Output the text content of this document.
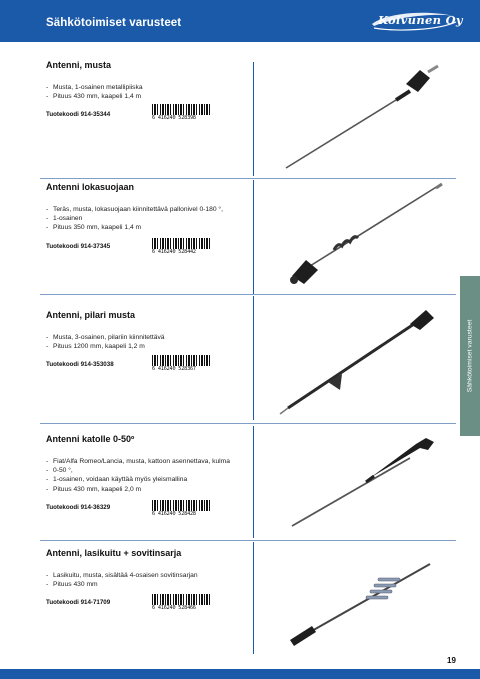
Sähkötoimiset varusteet	Koivunen Oy
Antenni, musta
- Musta, 1-osainen metallipiiska
- Pituus 430 mm, kaapeli 1,4 m
Tuotekoodi 914-35344	6 416240 528398
Antenni lokasuojaan
- Teräs, musta, lokasuojaan kiinnitettävä pallonivel 0-180 °,
- 1-osainen
- Pituus 350 mm, kaapeli 1,4 m
Tuotekoodi 914-37345
6 416240 528442
Antenni, pilari musta
- Musta, 3-osainen, pilariin kiinnitettävä
- Pituus 1200 mm, kaapeli 1,2 m
Tuotekoodi 914-353038
6 416240 528367
Antenni katolle 0-50º
- Fiat/Alfa Romeo/Lancia, musta, kattoon asennettava, kulma
- 0-50 °,
- 1-osainen, voidaan käyttää myös yleismallina
- Pituus 430 mm, kaapeli 2,0 m
Tuotekoodi 914-36329
6 416240 528428
Antenni, lasikuitu + sovitinsarja
- Lasikuitu, musta, sisältää 4-osaisen sovitinsarjan
- Pituus 430 mm
Tuotekoodi 914-71709
6 416240 528466
Sähkötoimiset varusteet
19
